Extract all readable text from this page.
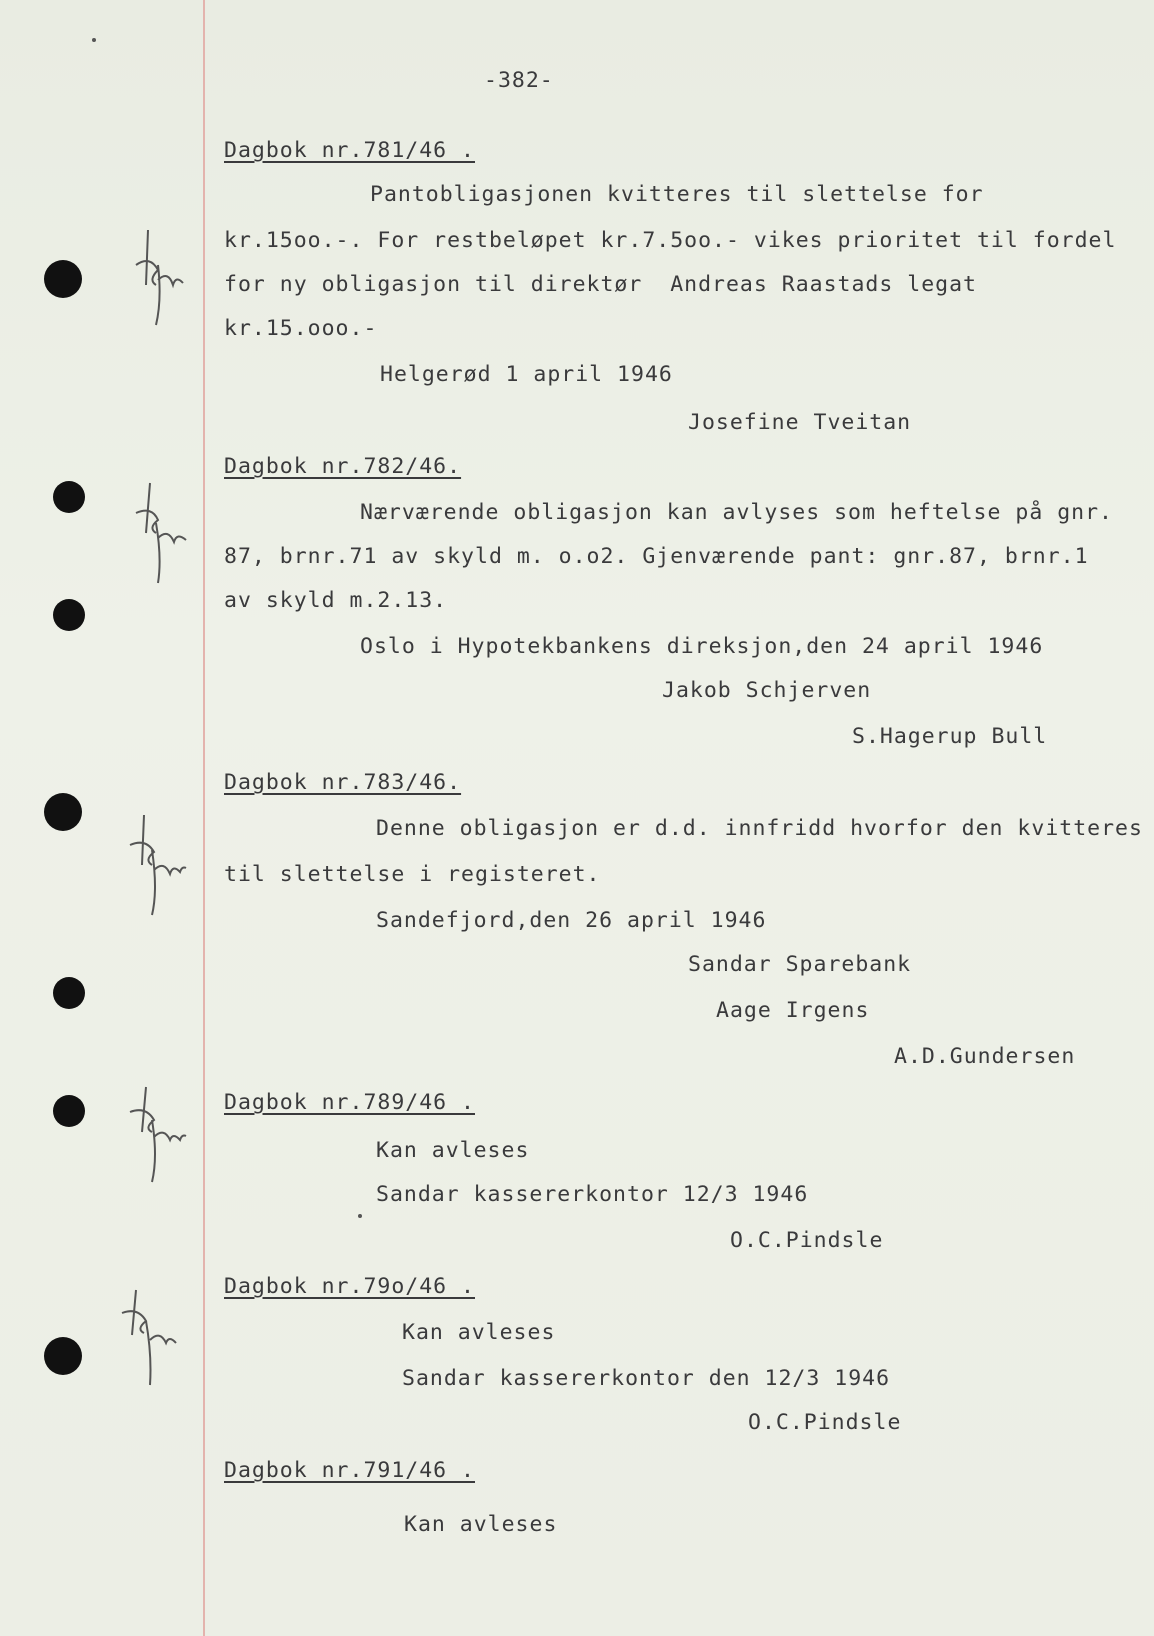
-382-
Dagbok nr.781/46 .
Pantobligasjonen kvitteres til slettelse for
kr.15oo.-. For restbeløpet kr.7.5oo.- vikes prioritet til fordel
for ny obligasjon til direktør  Andreas Raastads legat
kr.15.ooo.-
Helgerød 1 april 1946
Josefine Tveitan
Dagbok nr.782/46.
Nærværende obligasjon kan avlyses som heftelse på gnr.
87, brnr.71 av skyld m. o.o2. Gjenværende pant: gnr.87, brnr.1
av skyld m.2.13.
Oslo i Hypotekbankens direksjon,den 24 april 1946
Jakob Schjerven
S.Hagerup Bull
Dagbok nr.783/46.
Denne obligasjon er d.d. innfridd hvorfor den kvitteres
til slettelse i registeret.
Sandefjord,den 26 april 1946
Sandar Sparebank
Aage Irgens
A.D.Gundersen
Dagbok nr.789/46 .
Kan avleses
Sandar kassererkontor 12/3 1946
O.C.Pindsle
Dagbok nr.79o/46 .
Kan avleses
Sandar kassererkontor den 12/3 1946
O.C.Pindsle
Dagbok nr.791/46 .
Kan avleses
